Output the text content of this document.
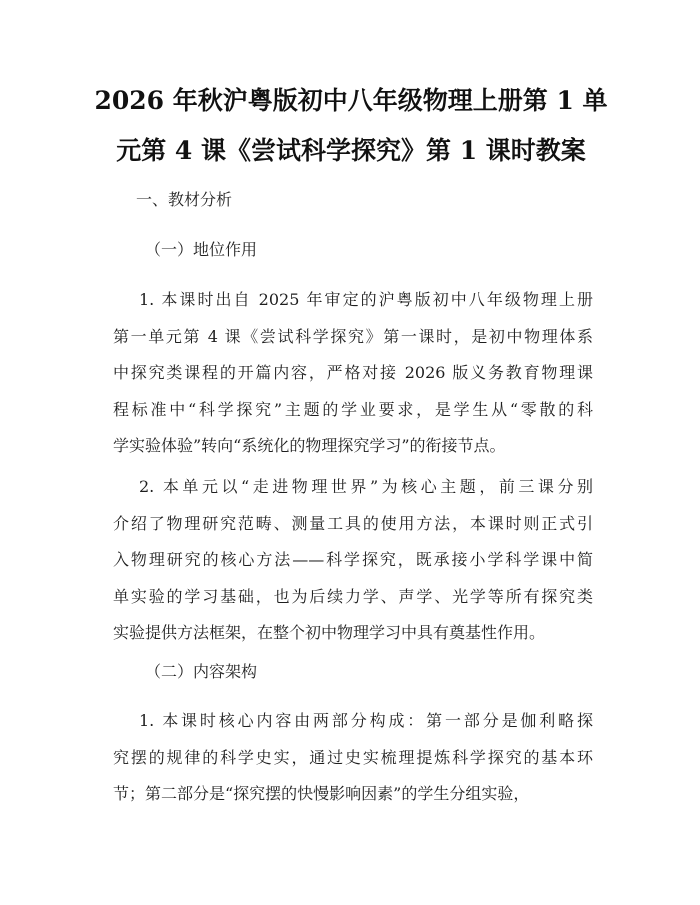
2026 年秋沪粤版初中八年级物理上册第 1 单
元第 4 课《尝试科学探究》第 1 课时教案

一、教材分析

（一）地位作用

1. 本课时出自 2025 年审定的沪粤版初中八年级物理上册
第一单元第 4 课《尝试科学探究》第一课时，是初中物理体系
中探究类课程的开篇内容，严格对接 2026 版义务教育物理课
程标准中“科学探究”主题的学业要求，是学生从“零散的科
学实验体验”转向“系统化的物理探究学习”的衔接节点。
2. 本单元以“走进物理世界”为核心主题，前三课分别
介绍了物理研究范畴、测量工具的使用方法，本课时则正式引
入物理研究的核心方法——科学探究，既承接小学科学课中简
单实验的学习基础，也为后续力学、声学、光学等所有探究类
实验提供方法框架，在整个初中物理学习中具有奠基性作用。

（二）内容架构

1. 本课时核心内容由两部分构成：第一部分是伽利略探
究摆的规律的科学史实，通过史实梳理提炼科学探究的基本环
节；第二部分是“探究摆的快慢影响因素”的学生分组实验，
